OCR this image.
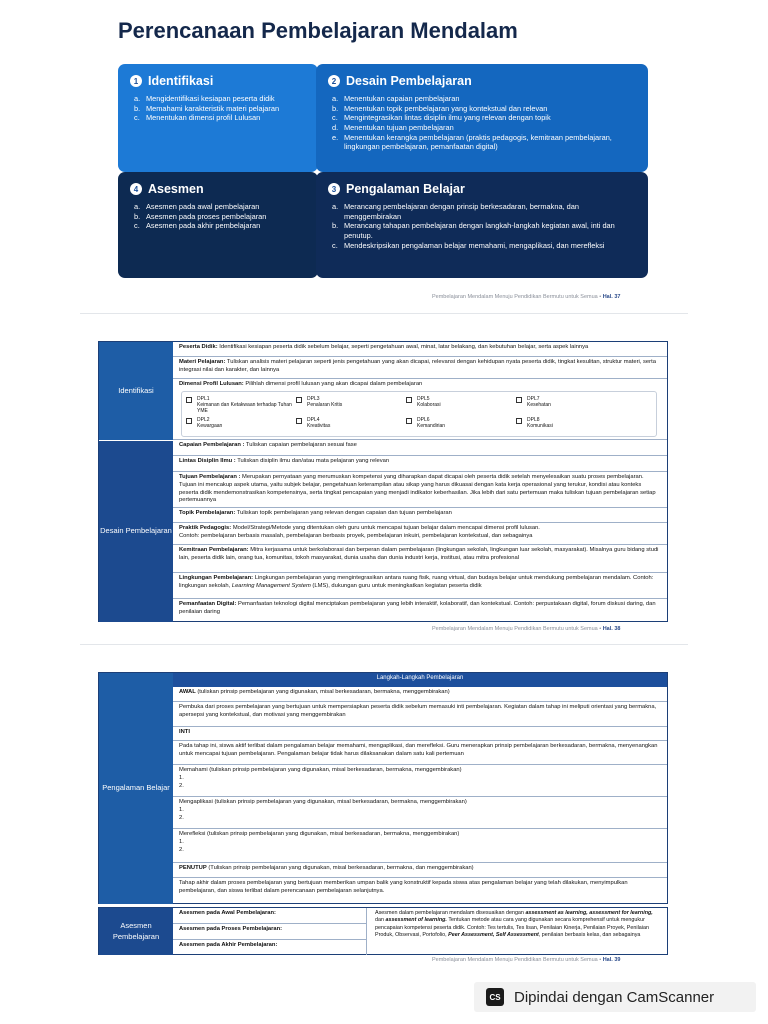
Perencanaan Pembelajaran Mendalam
1 Identifikasi
a. Mengidentifikasi kesiapan peserta didik
b. Memahami karakteristik materi pelajaran
c. Menentukan dimensi profil Lulusan
2 Desain Pembelajaran
a. Menentukan capaian pembelajaran
b. Menentukan topik pembelajaran yang kontekstual dan relevan
c. Mengintegrasikan lintas disiplin ilmu yang relevan dengan topik
d. Menentukan tujuan pembelajaran
e. Menentukan kerangka pembelajaran (praktis pedagogis, kemitraan pembelajaran, lingkungan pembelajaran, pemanfaatan digital)
4 Asesmen
a. Asesmen pada awal pembelajaran
b. Asesmen pada proses pembelajaran
c. Asesmen pada akhir pembelajaran
3 Pengalaman Belajar
a. Merancang pembelajaran dengan prinsip berkesadaran, bermakna, dan menggembirakan
b. Merancang tahapan pembelajaran dengan langkah-langkah kegiatan awal, inti dan penutup.
c. Mendeskripsikan pengalaman belajar memahami, mengaplikasi, dan merefleksi
Pembelajaran Mendalam Menuju Pendidikan Bermutu untuk Semua • Hal. 37
Identifikasi
Desain Pembelajaran
Peserta Didik: Identifikasi kesiapan peserta didik sebelum belajar, seperti pengetahuan awal, minat, latar belakang, dan kebutuhan belajar, serta aspek lainnya
Materi Pelajaran: Tuliskan analisis materi pelajaran seperti jenis pengetahuan yang akan dicapai, relevansi dengan kehidupan nyata peserta didik, tingkat kesulitan, struktur materi, serta integrasi nilai dan karakter, dan lainnya
Dimensi Profil Lulusan: Pilihlah dimensi profil lulusan yang akan dicapai dalam pembelajaran
DPL1
Keimanan dan Ketakwaan terhadap Tuhan YME
DPL3
Penalaran Kritis
DPL5
Kolaborasi
DPL7
Kesehatan
DPL2
Kewargaan
DPL4
Kreativitas
DPL6
Kemandirian
DPL8
Komunikasi
Capaian Pembelajaran : Tuliskan capaian pembelajaran sesuai fase
Lintas Disiplin Ilmu : Tuliskan disiplin ilmu dan/atau mata pelajaran yang relevan
Tujuan Pembelajaran : Merupakan pernyataan yang merumuskan kompetensi yang diharapkan dapat dicapai oleh peserta didik setelah menyelesaikan suatu proses pembelajaran. Tujuan ini mencakup aspek utama, yaitu subjek belajar, pengetahuan keterampilan atau sikap yang harus dikuasai dengan kata kerja operasional yang terukur, kondisi atau konteks peserta didik mendemonstrasikan kompetensinya, serta tingkat pencapaian yang menjadi indikator keberhasilan. Jika lebih dari satu pertemuan maka tuliskan tujuan pembelajaran setiap pertemuannya
Topik Pembelajaran: Tuliskan topik pembelajaran yang relevan dengan capaian dan tujuan pembelajaran
Praktik Pedagogis: Model/Strategi/Metode yang ditentukan oleh guru untuk mencapai tujuan belajar dalam mencapai dimensi profil lulusan.
Contoh: pembelajaran berbasis masalah, pembelajaran berbasis proyek, pembelajaran inkuiri, pembelajaran kontekstual, dan sebagainya
Kemitraan Pembelajaran: Mitra kerjasama untuk berkolaborasi dan berperan dalam pembelajaran (lingkungan sekolah, lingkungan luar sekolah, masyarakat). Misalnya guru bidang studi lain, peserta didik lain, orang tua, komunitas, tokoh masyarakat, dunia usaha dan dunia industri kerja, institusi, atau mitra profesional
Lingkungan Pembelajaran: Lingkungan pembelajaran yang mengintegrasikan antara ruang fisik, ruang virtual, dan budaya belajar untuk mendukung pembelajaran mendalam. Contoh: lingkungan sekolah, Learning Management System (LMS), dukungan guru untuk meningkatkan kegiatan peserta didik
Pemanfaatan Digital: Pemanfaatan teknologi digital menciptakan pembelajaran yang lebih interaktif, kolaboratif, dan kontekstual. Contoh: perpustakaan digital, forum diskusi daring, dan penilaian daring
Pembelajaran Mendalam Menuju Pendidikan Bermutu untuk Semua • Hal. 38
Pengalaman Belajar
Langkah-Langkah Pembelajaran
AWAL (tuliskan prinsip pembelajaran yang digunakan, misal berkesadaran, bermakna, menggembirakan)
Pembuka dari proses pembelajaran yang bertujuan untuk mempersiapkan peserta didik sebelum memasuki inti pembelajaran. Kegiatan dalam tahap ini meliputi orientasi yang bermakna, apersepsi yang kontekstual, dan motivasi yang menggembirakan
INTI
Pada tahap ini, siswa aktif terlibat dalam pengalaman belajar memahami, mengaplikasi, dan merefleksi. Guru menerapkan prinsip pembelajaran berkesadaran, bermakna, menyenangkan untuk mencapai tujuan pembelajaran. Pengalaman belajar tidak harus dilaksanakan dalam satu kali pertemuan
Memahami (tuliskan prinsip pembelajaran yang digunakan, misal berkesadaran, bermakna, menggembirakan)
1.
2.
Mengaplikasi (tuliskan prinsip pembelajaran yang digunakan, misal berkesadaran, bermakna, menggembirakan)
1.
2.
Merefleksi (tuliskan prinsip pembelajaran yang digunakan, misal berkesadaran, bermakna, menggembirakan)
1.
2.
PENUTUP (Tuliskan prinsip pembelajaran yang digunakan, misal berkesadaran, bermakna, dan menggembirakan)
Tahap akhir dalam proses pembelajaran yang bertujuan memberikan umpan balik yang konstruktif kepada siswa atas pengalaman belajar yang telah dilakukan, menyimpulkan pembelajaran, dan siswa terlibat dalam perencanaan pembelajaran selanjutnya.
Asesmen Pembelajaran
Asesmen pada Awal Pembelajaran:
Asesmen pada Proses Pembelajaran:
Asesmen pada Akhir Pembelajaran:
Asesmen dalam pembelajaran mendalam disesuaikan dengan assessment as learning, assessment for learning, dan assessment of learning. Tentukan metode atau cara yang digunakan secara komprehensif untuk mengukur pencapaian kompetensi peserta didik. Contoh: Tes tertulis, Tes lisan, Penilaian Kinerja, Penilaian Proyek, Penilaian Produk, Observasi, Portofolio, Peer Assessment, Self Assessment, penilaian berbasis kelas, dan sebagainya
Pembelajaran Mendalam Menuju Pendidikan Bermutu untuk Semua • Hal. 39
CS Dipindai dengan CamScanner
